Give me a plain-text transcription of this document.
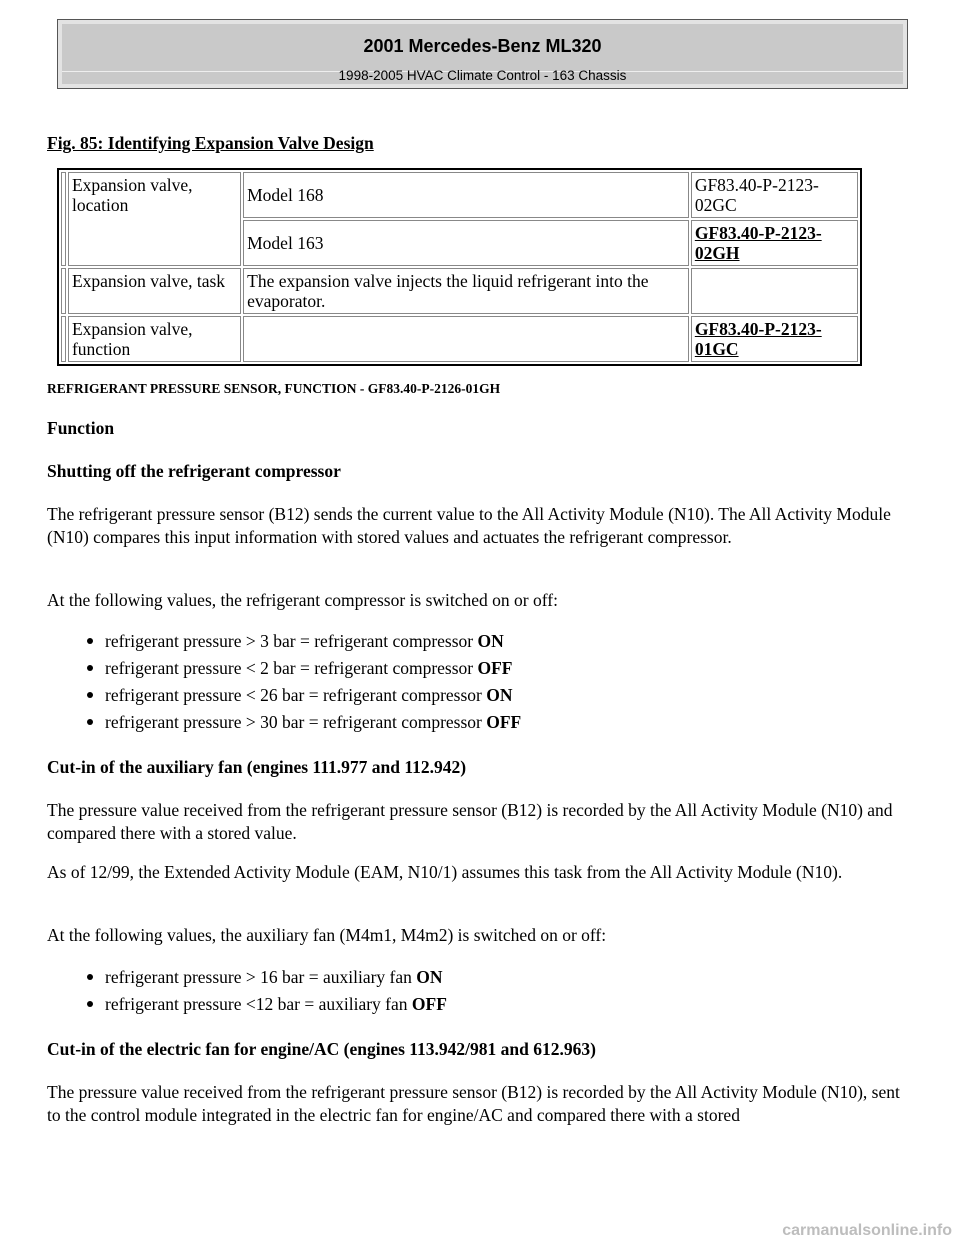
2001 Mercedes-Benz ML320
1998-2005 HVAC Climate Control - 163 Chassis
Fig. 85: Identifying Expansion Valve Design
	Expansion valve, location	Model 168	GF83.40-P-2123-02GC
		Model 163	GF83.40-P-2123-02GH
	Expansion valve, task	The expansion valve injects the liquid refrigerant into the evaporator.	
	Expansion valve, function		GF83.40-P-2123-01GC
REFRIGERANT PRESSURE SENSOR, FUNCTION - GF83.40-P-2126-01GH
Function
Shutting off the refrigerant compressor

The refrigerant pressure sensor (B12) sends the current value to the All Activity Module (N10). The All Activity Module (N10) compares this input information with stored values and actuates the refrigerant compressor.

At the following values, the refrigerant compressor is switched on or off:

refrigerant pressure > 3 bar = refrigerant compressor ON
refrigerant pressure < 2 bar = refrigerant compressor OFF
refrigerant pressure < 26 bar = refrigerant compressor ON
refrigerant pressure > 30 bar = refrigerant compressor OFF
Cut-in of the auxiliary fan (engines 111.977 and 112.942)

The pressure value received from the refrigerant pressure sensor (B12) is recorded by the All Activity Module (N10) and compared there with a stored value.

As of 12/99, the Extended Activity Module (EAM, N10/1) assumes this task from the All Activity Module (N10).

At the following values, the auxiliary fan (M4m1, M4m2) is switched on or off:

refrigerant pressure > 16 bar = auxiliary fan ON
refrigerant pressure <12 bar = auxiliary fan OFF
Cut-in of the electric fan for engine/AC (engines 113.942/981 and 612.963)

The pressure value received from the refrigerant pressure sensor (B12) is recorded by the All Activity Module (N10), sent to the control module integrated in the electric fan for engine/AC and compared there with a stored

carmanualsonline.info
